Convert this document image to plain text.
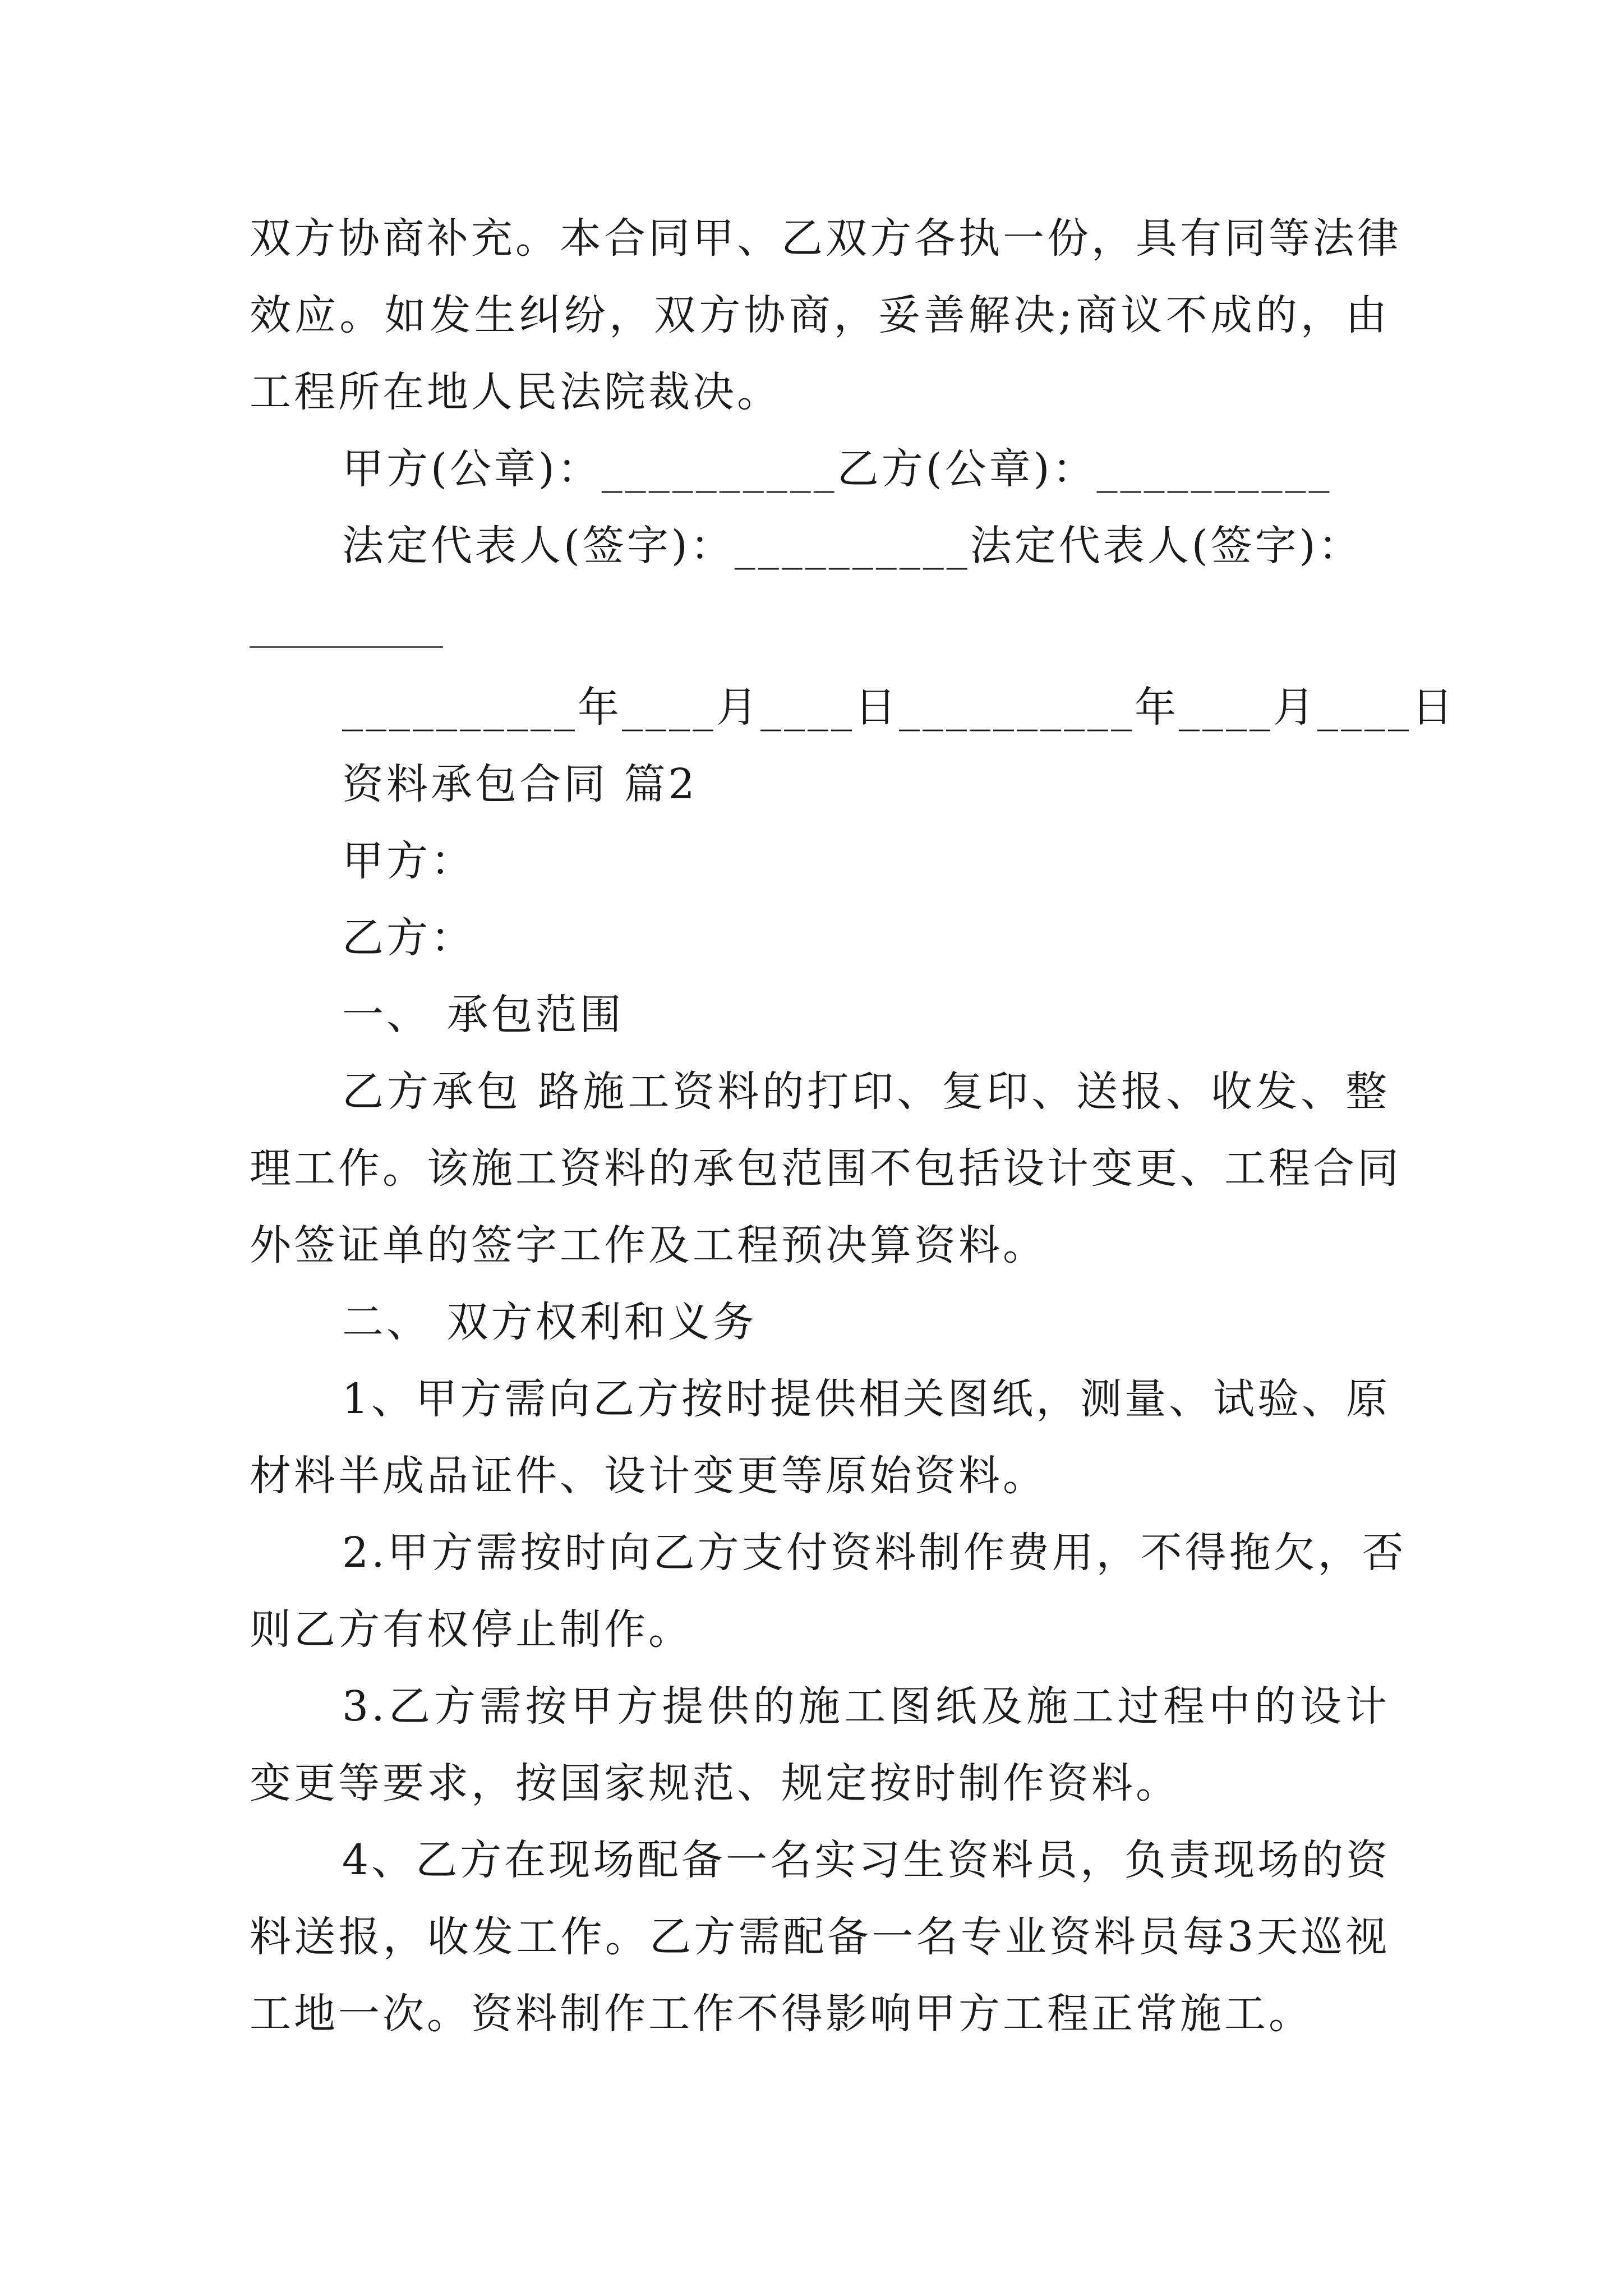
双方协商补充。本合同甲、乙双方各执一份，具有同等法律
效应。如发生纠纷，双方协商，妥善解决;商议不成的，由
工程所在地人民法院裁决。
甲方(公章)：__________乙方(公章)：__________
法定代表人(签字)：__________法定代表人(签字)：
__________年____月____日__________年____月____日
资料承包合同 篇2
甲方：
乙方：
一、 承包范围
乙方承包 路施工资料的打印、复印、送报、收发、整
理工作。该施工资料的承包范围不包括设计变更、工程合同
外签证单的签字工作及工程预决算资料。
二、 双方权利和义务
1、甲方需向乙方按时提供相关图纸，测量、试验、原
材料半成品证件、设计变更等原始资料。
2.甲方需按时向乙方支付资料制作费用，不得拖欠，否
则乙方有权停止制作。
3.乙方需按甲方提供的施工图纸及施工过程中的设计
变更等要求，按国家规范、规定按时制作资料。
4、乙方在现场配备一名实习生资料员，负责现场的资
料送报，收发工作。乙方需配备一名专业资料员每3天巡视
工地一次。资料制作工作不得影响甲方工程正常施工。
